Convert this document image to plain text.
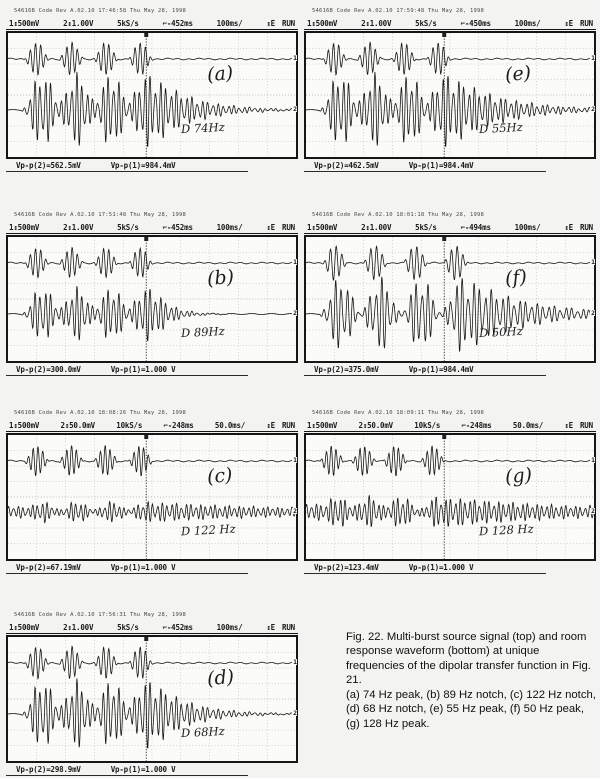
54616B Code Rev A.02.10 17:46:58 Thu May 28, 1998
1↕500mV	2↕1.00V	5kS/s	⌐-452ms	100ms/	↕E RUN
1
2
(a)
D 74Hz
Vp-p(2)=562.5mV	Vp-p(1)=984.4mV
54616B Code Rev A.02.10 17:51:48 Thu May 28, 1998
1↕500mV	2↕1.00V	5kS/s	⌐-452ms	100ms/	↕E RUN
1
2
(b)
D 89Hz
Vp-p(2)=300.0mV	Vp-p(1)=1.000 V
54616B Code Rev A.02.10 18:08:26 Thu May 28, 1998
1↕500mV	2↕50.0mV	10kS/s	⌐-248ms	50.0ms/	↕E RUN
1
2
(c)
D 122 Hz
Vp-p(2)=67.19mV	Vp-p(1)=1.000 V
54616B Code Rev A.02.10 17:56:31 Thu May 28, 1998
1↕500mV	2↕1.00V	5kS/s	⌐-452ms	100ms/	↕E RUN
1
2
(d)
D 68Hz
Vp-p(2)=298.9mV	Vp-p(1)=1.000 V
54616B Code Rev A.02.10 17:59:48 Thu May 28, 1998
1↕500mV	2↕1.00V	5kS/s	⌐-450ms	100ms/	↕E RUN
1
2
(e)
D 55Hz
Vp-p(2)=462.5mV	Vp-p(1)=984.4mV
54616B Code Rev A.02.10 18:01:18 Thu May 28, 1998
1↕500mV	2↕1.00V	5kS/s	⌐-494ms	100ms/	↕E RUN
1
2
(f)
D 50Hz
Vp-p(2)=375.0mV	Vp-p(1)=984.4mV
54616B Code Rev A.02.10 18:09:11 Thu May 28, 1998
1↕500mV	2↕50.0mV	10kS/s	⌐-248ms	50.0ms/	↕E RUN
1
2
(g)
D 128 Hz
Vp-p(2)=123.4mV	Vp-p(1)=1.000 V
Fig. 22. Multi-burst source signal (top) and room response waveform (bottom) at unique frequencies of the dipolar transfer function in Fig. 21.
(a) 74 Hz peak, (b) 89 Hz notch, (c) 122 Hz notch, (d) 68 Hz notch, (e) 55 Hz peak, (f) 50 Hz peak, (g) 128 Hz peak.
